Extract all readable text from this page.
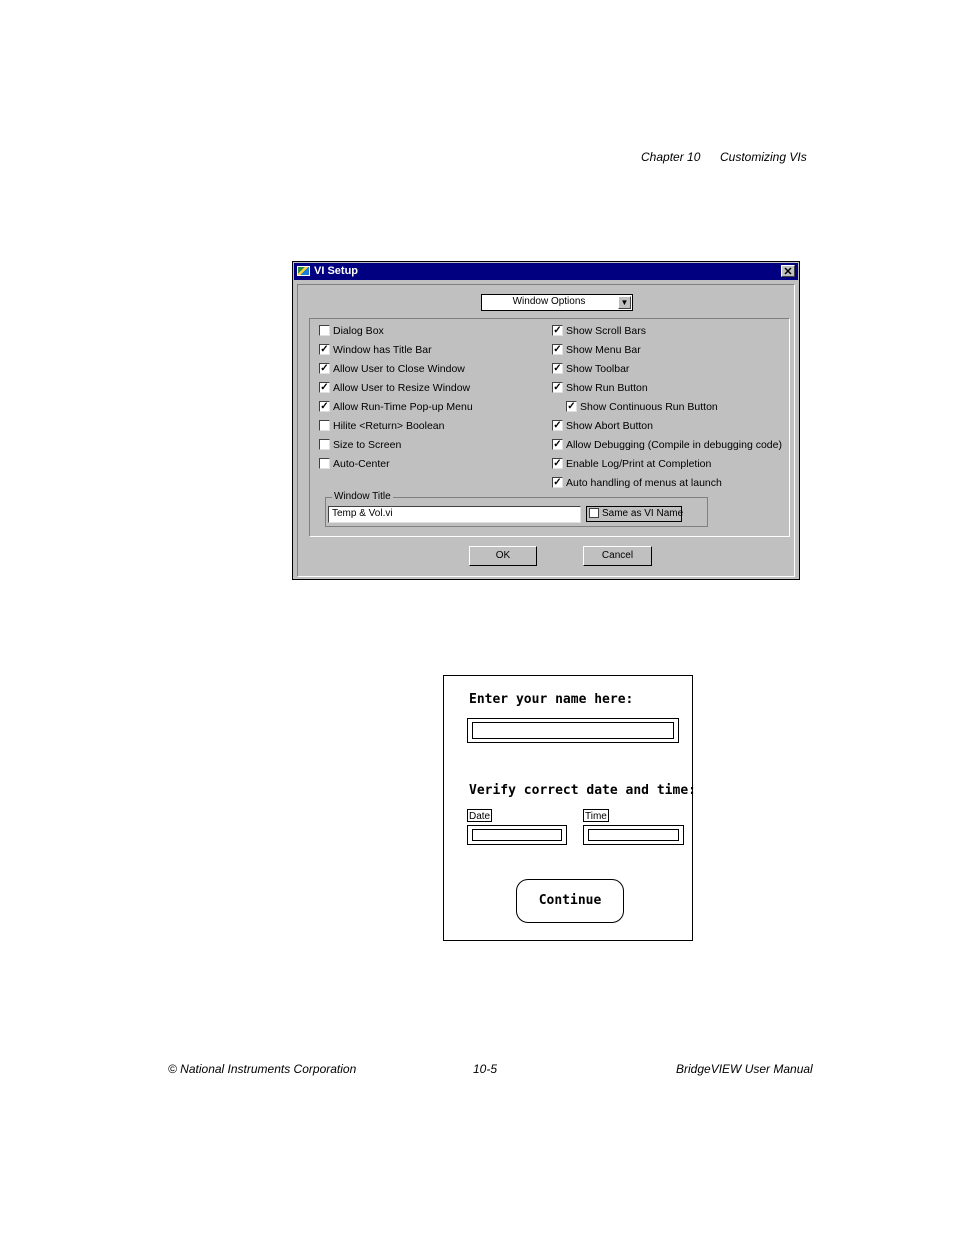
Chapter 10 Customizing VIs
VI Setup	✕
Window Options	▼
Dialog Box
✓ Window has Title Bar
✓ Allow User to Close Window
✓ Allow User to Resize Window
✓ Allow Run-Time Pop-up Menu
Hilite <Return> Boolean
Size to Screen
Auto-Center
✓ Show Scroll Bars
✓ Show Menu Bar
✓ Show Toolbar
✓ Show Run Button
✓ Show Continuous Run Button
✓ Show Abort Button
✓ Allow Debugging (Compile in debugging code)
✓ Enable Log/Print at Completion
✓ Auto handling of menus at launch
Window Title
Temp & Vol.vi	Same as VI Name
OK	Cancel
Enter your name here:
Verify correct date and time:
Date	Time
Continue
© National Instruments Corporation	10-5	BridgeVIEW User Manual
